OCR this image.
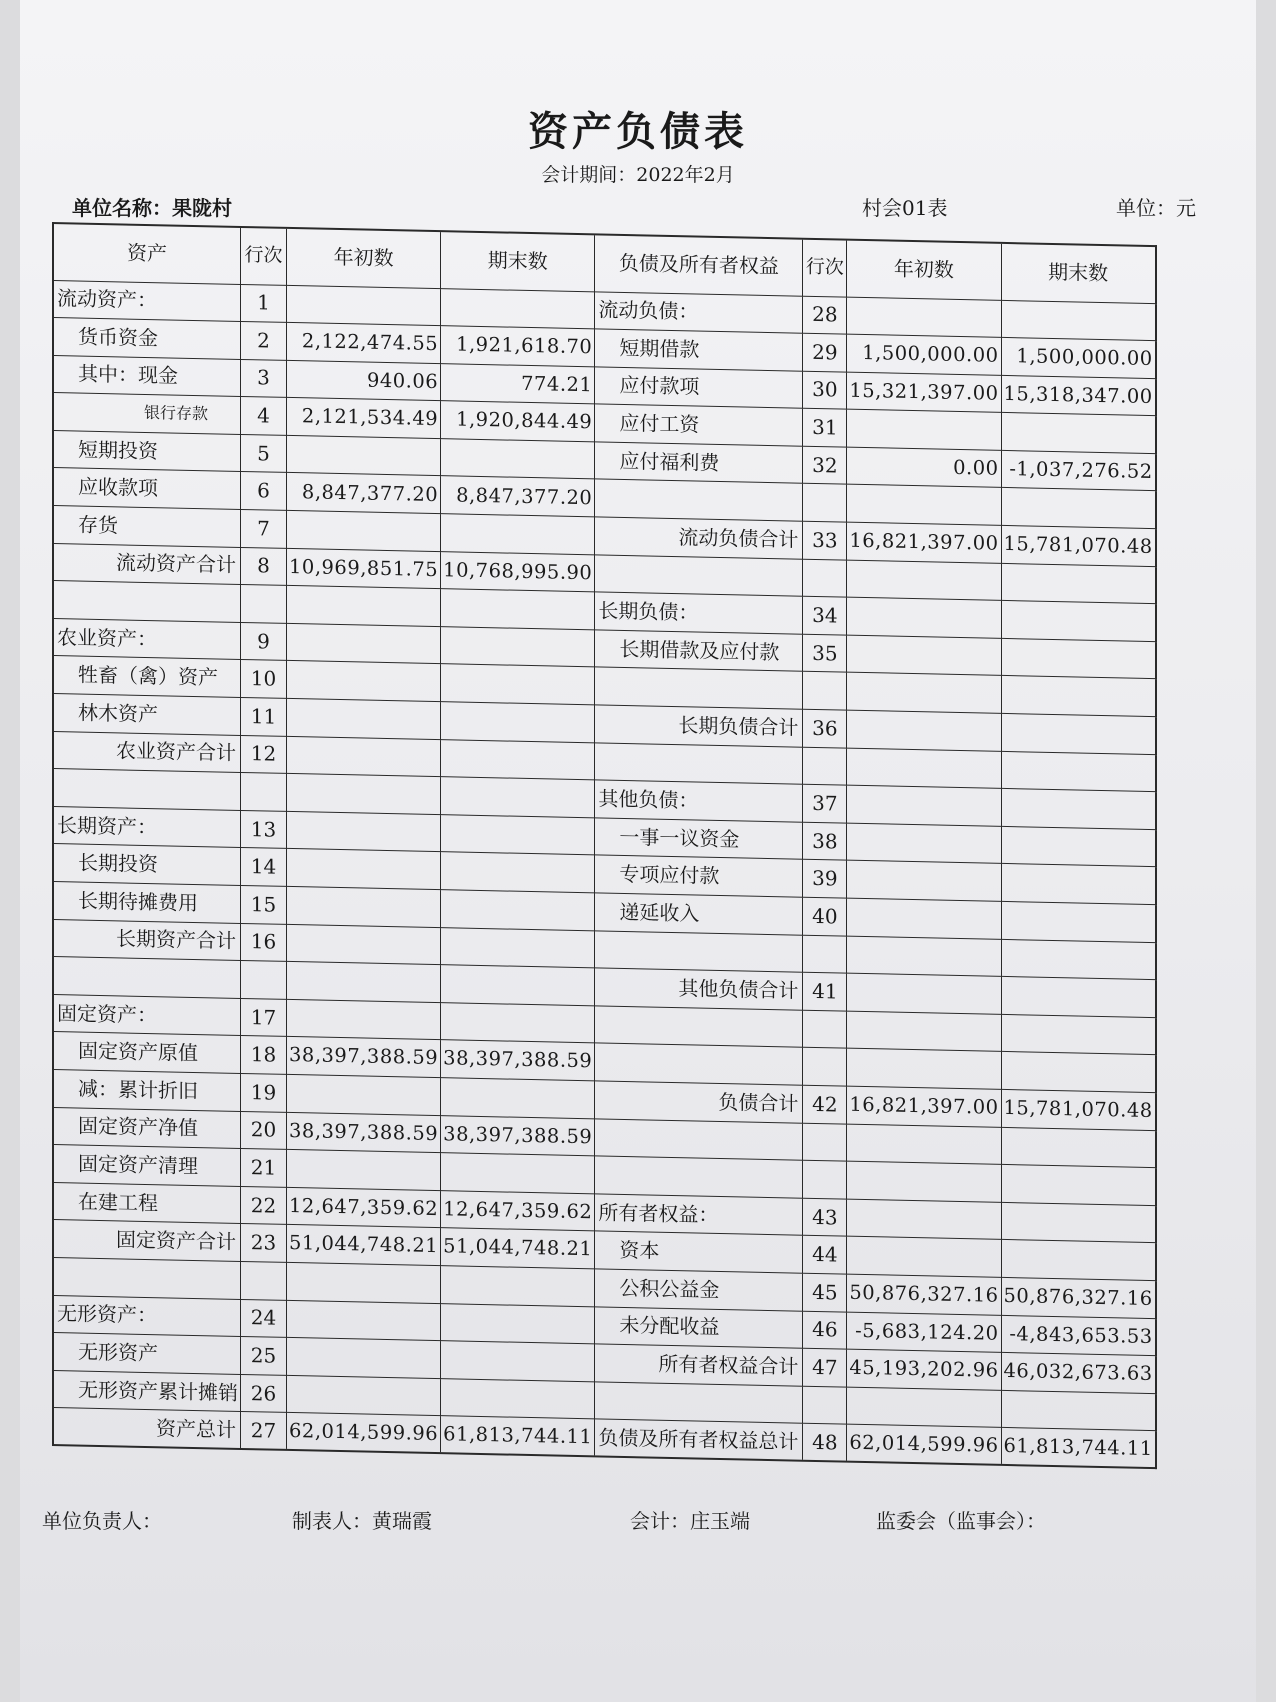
资产负债表
会计期间：2022年2月
单位名称：果陇村	村会01表	单位：元
资产	行次	年初数	期末数	负债及所有者权益	行次	年初数	期末数
流动资产：	1			流动负债：	28		
货币资金	2	2,122,474.55	1,921,618.70	短期借款	29	1,500,000.00	1,500,000.00
其中：现金	3	940.06	774.21	应付款项	30	15,321,397.00	15,318,347.00
银行存款	4	2,121,534.49	1,920,844.49	应付工资	31		
短期投资	5			应付福利费	32	0.00	-1,037,276.52
应收款项	6	8,847,377.20	8,847,377.20				
存货	7			流动负债合计	33	16,821,397.00	15,781,070.48
流动资产合计	8	10,969,851.75	10,768,995.90				
				长期负债：	34		
农业资产：	9			长期借款及应付款	35		
牲畜（禽）资产	10						
林木资产	11			长期负债合计	36		
农业资产合计	12						
				其他负债：	37		
长期资产：	13			一事一议资金	38		
长期投资	14			专项应付款	39		
长期待摊费用	15			递延收入	40		
长期资产合计	16						
				其他负债合计	41		
固定资产：	17						
固定资产原值	18	38,397,388.59	38,397,388.59				
减：累计折旧	19			负债合计	42	16,821,397.00	15,781,070.48
固定资产净值	20	38,397,388.59	38,397,388.59				
固定资产清理	21						
在建工程	22	12,647,359.62	12,647,359.62	所有者权益：	43		
固定资产合计	23	51,044,748.21	51,044,748.21	资本	44		
				公积公益金	45	50,876,327.16	50,876,327.16
无形资产：	24			未分配收益	46	-5,683,124.20	-4,843,653.53
无形资产	25			所有者权益合计	47	45,193,202.96	46,032,673.63
无形资产累计摊销	26						
资产总计	27	62,014,599.96	61,813,744.11	负债及所有者权益总计	48	62,014,599.96	61,813,744.11
单位负责人：	制表人：黄瑞霞	会计：庄玉端	监委会（监事会）：
